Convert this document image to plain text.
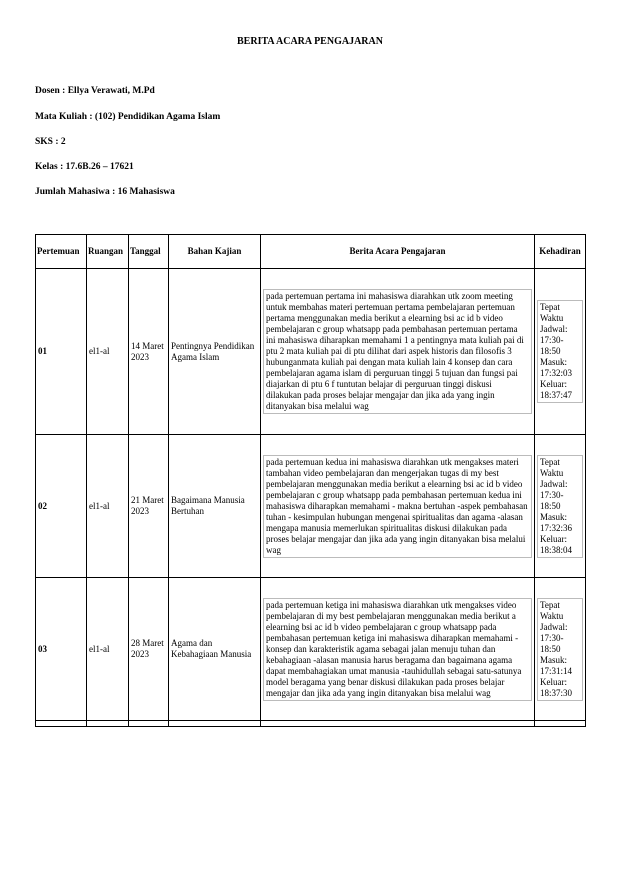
BERITA ACARA PENGAJARAN
Dosen : Ellya Verawati, M.Pd
Mata Kuliah : (102) Pendidikan Agama Islam
SKS : 2
Kelas : 17.6B.26 – 17621
Jumlah Mahasiwa : 16 Mahasiswa
Pertemuan	Ruangan	Tanggal	Bahan Kajian	Berita Acara Pengajaran	Kehadiran
01	el1-al	14 Maret 2023	Pentingnya Pendidikan Agama Islam	pada pertemuan pertama ini mahasiswa diarahkan utk zoom meeting untuk membahas materi pertemuan pertama pembelajaran pertemuan pertama menggunakan media berikut a elearning bsi ac id b video pembelajaran c group whatsapp pada pembahasan pertemuan pertama ini mahasiswa diharapkan memahami 1 a pentingnya mata kuliah pai di ptu 2 mata kuliah pai di ptu dilihat dari aspek historis dan filosofis 3 hubunganmata kuliah pai dengan mata kuliah lain 4 konsep dan cara pembelajaran agama islam di perguruan tinggi 5 tujuan dan fungsi pai diajarkan di ptu 6 f tuntutan belajar di perguruan tinggi diskusi dilakukan pada proses belajar mengajar dan jika ada yang ingin ditanyakan bisa melalui wag	Tepat Waktu Jadwal: 17:30- 18:50 Masuk: 17:32:03 Keluar: 18:37:47

02	el1-al	21 Maret 2023	Bagaimana Manusia Bertuhan	pada pertemuan kedua ini mahasiswa diarahkan utk mengakses materi tambahan video pembelajaran dan mengerjakan tugas di my best pembelajaran menggunakan media berikut a elearning bsi ac id b video pembelajaran c group whatsapp pada pembahasan pertemuan kedua ini mahasiswa diharapkan memahami - makna bertuhan -aspek pembahasan tuhan - kesimpulan hubungan mengenai spiritualitas dan agama -alasan mengapa manusia memerlukan spiritualitas diskusi dilakukan pada proses belajar mengajar dan jika ada yang ingin ditanyakan bisa melalui wag	Tepat Waktu Jadwal: 17:30- 18:50 Masuk: 17:32:36 Keluar: 18:38:04

03	el1-al	28 Maret 2023	Agama dan Kebahagiaan Manusia	pada pertemuan ketiga ini mahasiswa diarahkan utk mengakses video pembelajaran di my best pembelajaran menggunakan media berikut a elearning bsi ac id b video pembelajaran c group whatsapp pada pembahasan pertemuan ketiga ini mahasiswa diharapkan memahami -konsep dan karakteristik agama sebagai jalan menuju tuhan dan kebahagiaan -alasan manusia harus beragama dan bagaimana agama dapat membahagiakan umat manusia -tauhidullah sebagai satu-satunya model beragama yang benar diskusi dilakukan pada proses belajar mengajar dan jika ada yang ingin ditanyakan bisa melalui wag	Tepat Waktu Jadwal: 17:30- 18:50 Masuk: 17:31:14 Keluar: 18:37:30
